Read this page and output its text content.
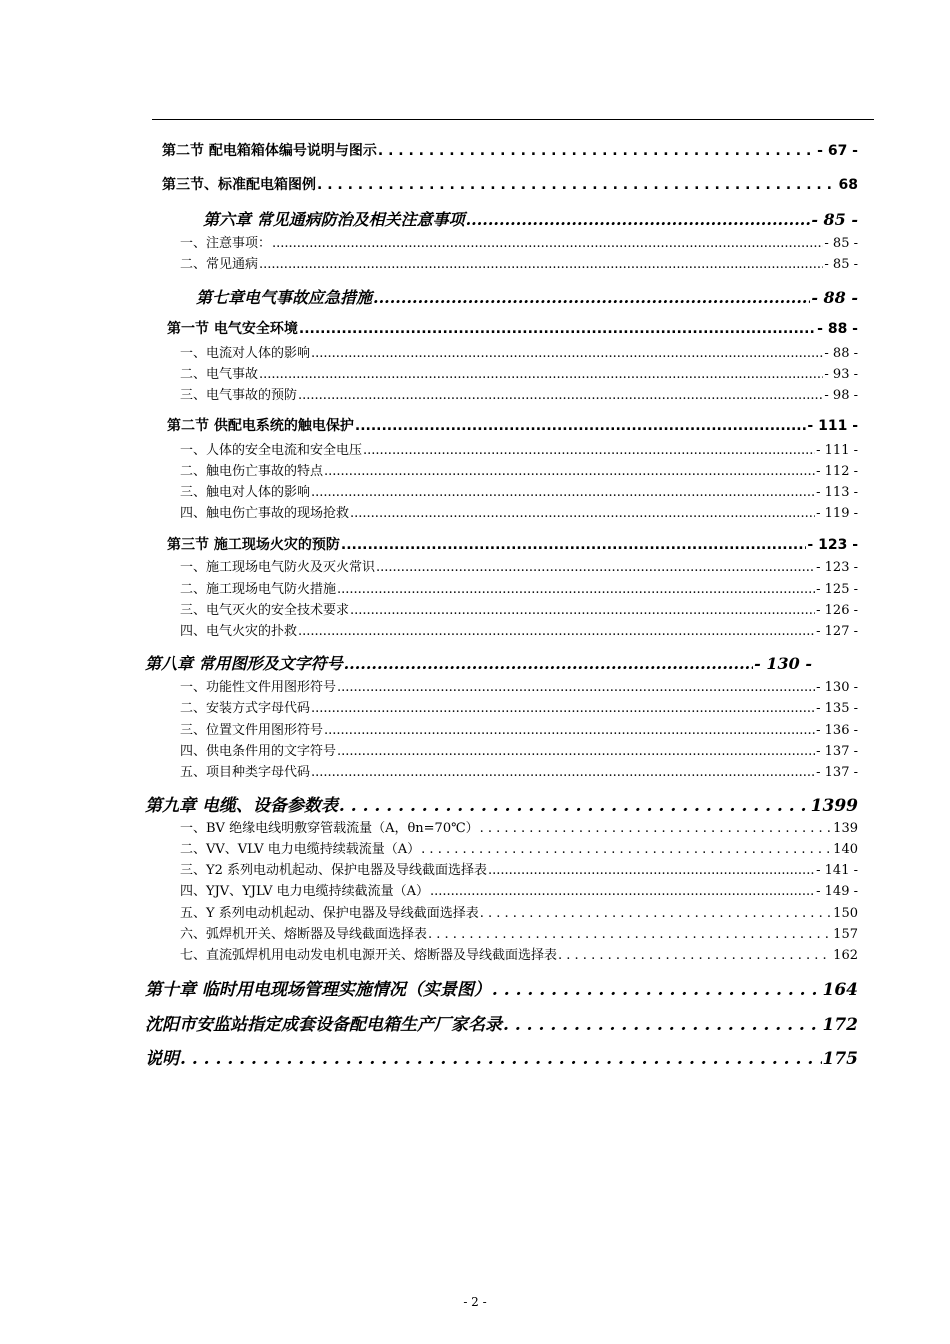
第二节 配电箱箱体编号说明与图示 . . .	- 67 -
第三节、标准配电箱图例 . . .	68
第六章 常见通病防治及相关注意事项 .....	- 85 -
一、注意事项： .....	- 85 -
二、常见通病 .....	- 85 -
第七章电气事故应急措施 .....	- 88 -
第一节 电气安全环境 .....	- 88 -
一、电流对人体的影响 .....	- 88 -
二、电气事故 .....	- 93 -
三、电气事故的预防 .....	- 98 -
第二节 供配电系统的触电保护 .....	- 111 -
一、人体的安全电流和安全电压 .....	- 111 -
二、触电伤亡事故的特点 .....	- 112 -
三、触电对人体的影响 .....	- 113 -
四、触电伤亡事故的现场抢救 .....	- 119 -
第三节 施工现场火灾的预防 .....	- 123 -
一、施工现场电气防火及灭火常识 .....	- 123 -
二、施工现场电气防火措施 .....	- 125 -
三、电气灭火的安全技术要求 .....	- 126 -
四、电气火灾的扑救 .....	- 127 -
第八章 常用图形及文字符号 .....	- 130 -
一、功能性文件用图形符号 .....	- 130 -
二、安装方式字母代码 .....	- 135 -
三、位置文件用图形符号 .....	- 136 -
四、供电条件用的文字符号 .....	- 137 -
五、项目种类字母代码 .....	- 137 -
第九章 电缆、设备参数表 . . .	1399
一、BV 绝缘电线明敷穿管载流量（A，θn=70℃） . . .	139
二、VV、VLV 电力电缆持续载流量（A） . . .	140
三、Y2 系列电动机起动、保护电器及导线截面选择表 .....	- 141 -
四、YJV、YJLV 电力电缆持续截流量（A） .....	- 149 -
五、Y 系列电动机起动、保护电器及导线截面选择表 . . .	150
六、弧焊机开关、熔断器及导线截面选择表 . . .	157
七、直流弧焊机用电动发电机电源开关、熔断器及导线截面选择表 . . .	162
第十章 临时用电现场管理实施情况（实景图） . . .	164
沈阳市安监站指定成套设备配电箱生产厂家名录 . . .	172
说明 . . .	175
- 2 -
